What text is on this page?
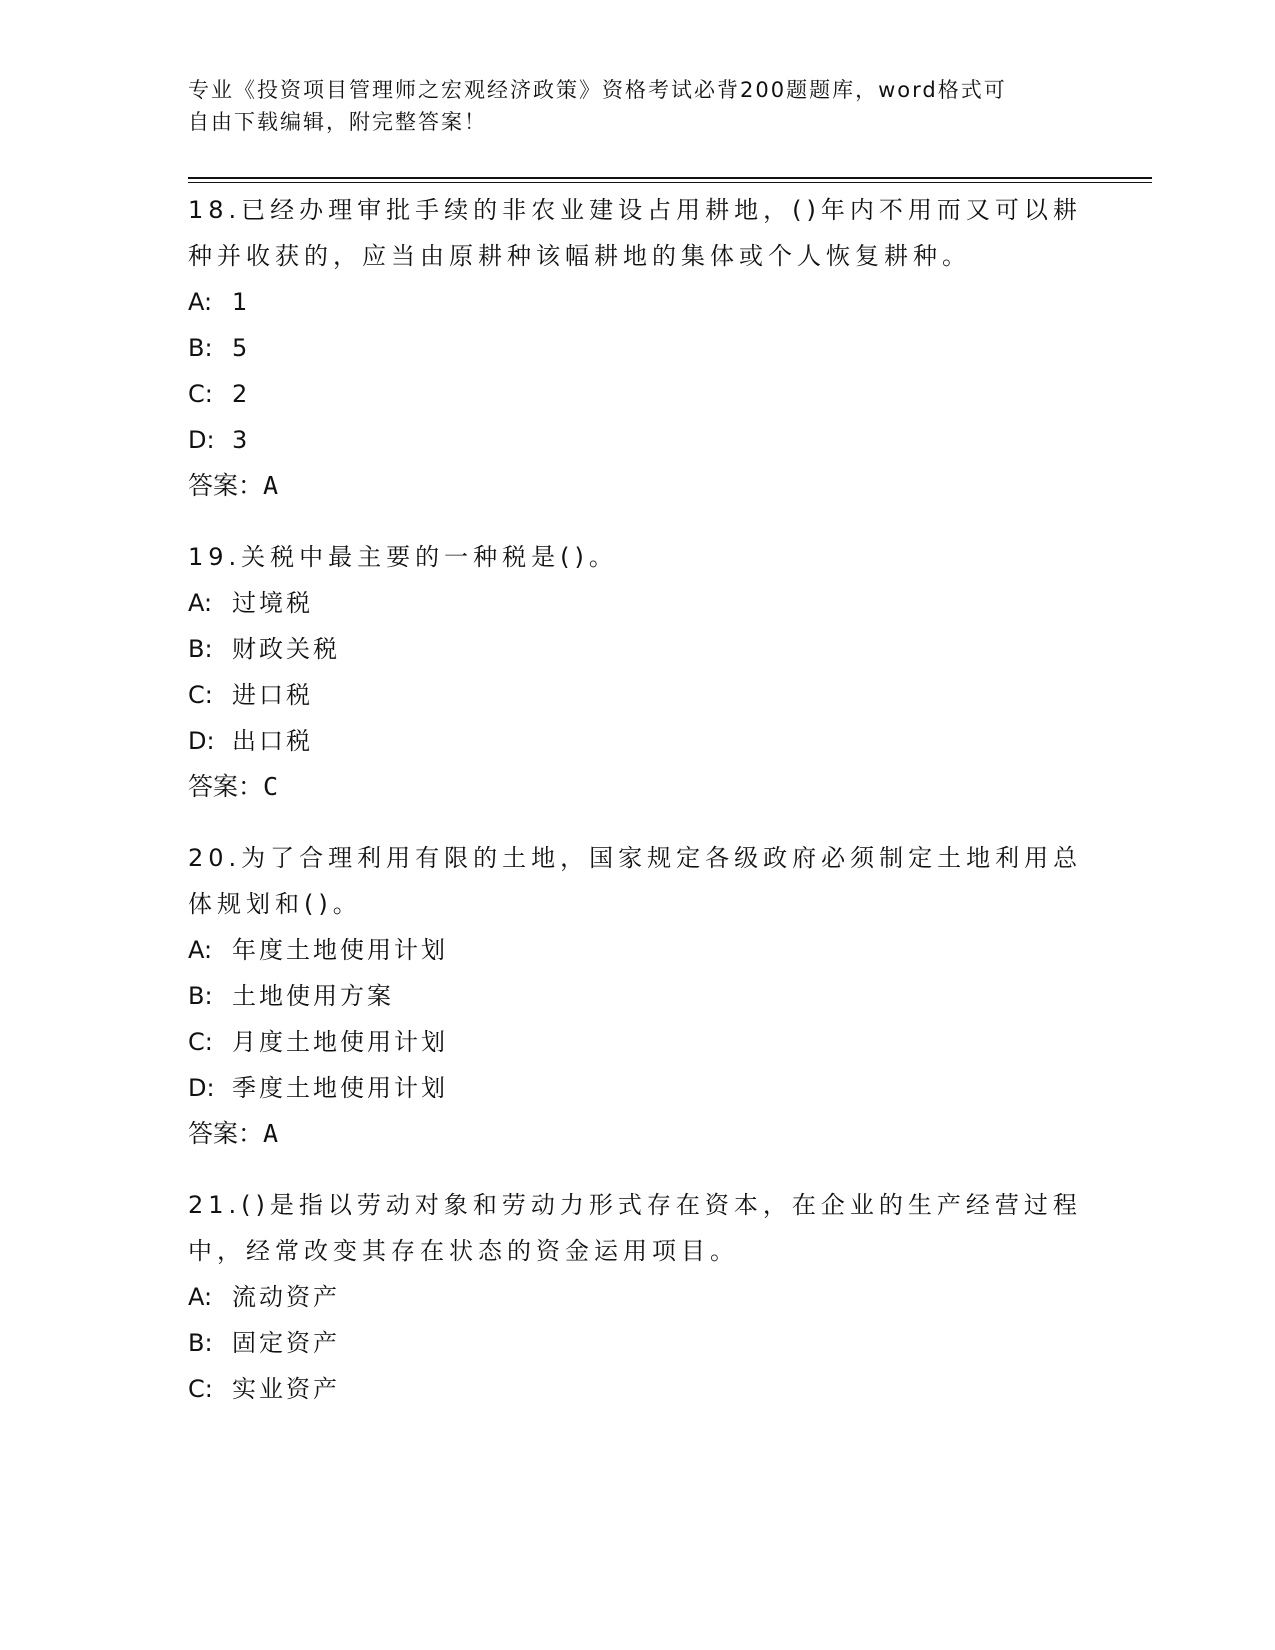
专业《投资项目管理师之宏观经济政策》资格考试必背200题题库，word格式可
自由下载编辑，附完整答案！
18.已经办理审批手续的非农业建设占用耕地，()年内不用而又可以耕种并收获的，应当由原耕种该幅耕地的集体或个人恢复耕种。
A: 1
B: 5
C: 2
D: 3
答案：A
19.关税中最主要的一种税是()。
A: 过境税
B: 财政关税
C: 进口税
D: 出口税
答案：C
20.为了合理利用有限的土地，国家规定各级政府必须制定土地利用总体规划和()。
A: 年度土地使用计划
B: 土地使用方案
C: 月度土地使用计划
D: 季度土地使用计划
答案：A
21.()是指以劳动对象和劳动力形式存在资本，在企业的生产经营过程中，经常改变其存在状态的资金运用项目。
A: 流动资产
B: 固定资产
C: 实业资产
